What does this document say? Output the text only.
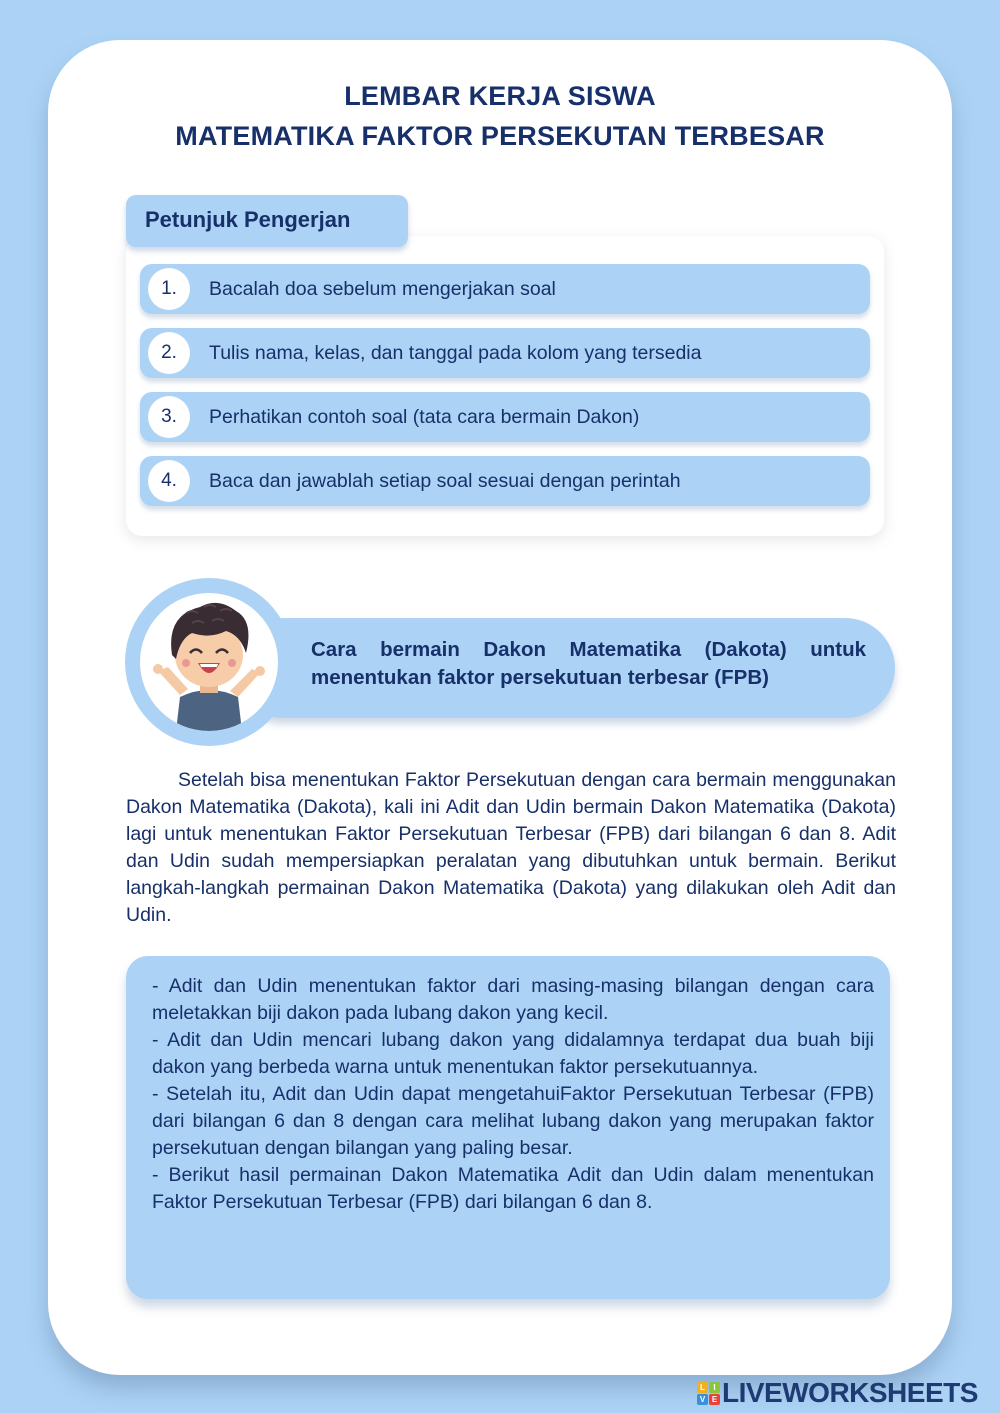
LEMBAR KERJA SISWA
MATEMATIKA FAKTOR PERSEKUTAN TERBESAR
Petunjuk Pengerjan
1.	Bacalah doa sebelum mengerjakan soal
2.	Tulis nama, kelas, dan tanggal pada kolom yang tersedia
3.	Perhatikan contoh soal (tata cara bermain Dakon)
4.	Baca dan jawablah setiap soal sesuai dengan perintah
Cara bermain Dakon Matematika (Dakota) untuk menentukan faktor persekutuan terbesar (FPB)
Setelah bisa menentukan Faktor Persekutuan dengan cara bermain menggunakan Dakon Matematika (Dakota), kali ini Adit dan Udin bermain Dakon Matematika (Dakota) lagi untuk menentukan Faktor Persekutuan Terbesar (FPB) dari bilangan 6 dan 8. Adit dan Udin sudah mempersiapkan peralatan yang dibutuhkan untuk bermain. Berikut langkah-langkah permainan Dakon Matematika (Dakota) yang dilakukan oleh Adit dan Udin.
- Adit dan Udin menentukan faktor dari masing-masing bilangan dengan cara meletakkan biji dakon pada lubang dakon yang kecil.
- Adit dan Udin mencari lubang dakon yang didalamnya terdapat dua buah biji dakon yang berbeda warna untuk menentukan faktor persekutuannya.
- Setelah itu, Adit dan Udin dapat mengetahuiFaktor Persekutuan Terbesar (FPB) dari bilangan 6 dan 8 dengan cara melihat lubang dakon yang merupakan faktor persekutuan dengan bilangan yang paling besar.
- Berikut hasil permainan Dakon Matematika Adit dan Udin dalam menentukan Faktor Persekutuan Terbesar (FPB) dari bilangan 6 dan 8.
L	I
V E LIVEWORKSHEETS
